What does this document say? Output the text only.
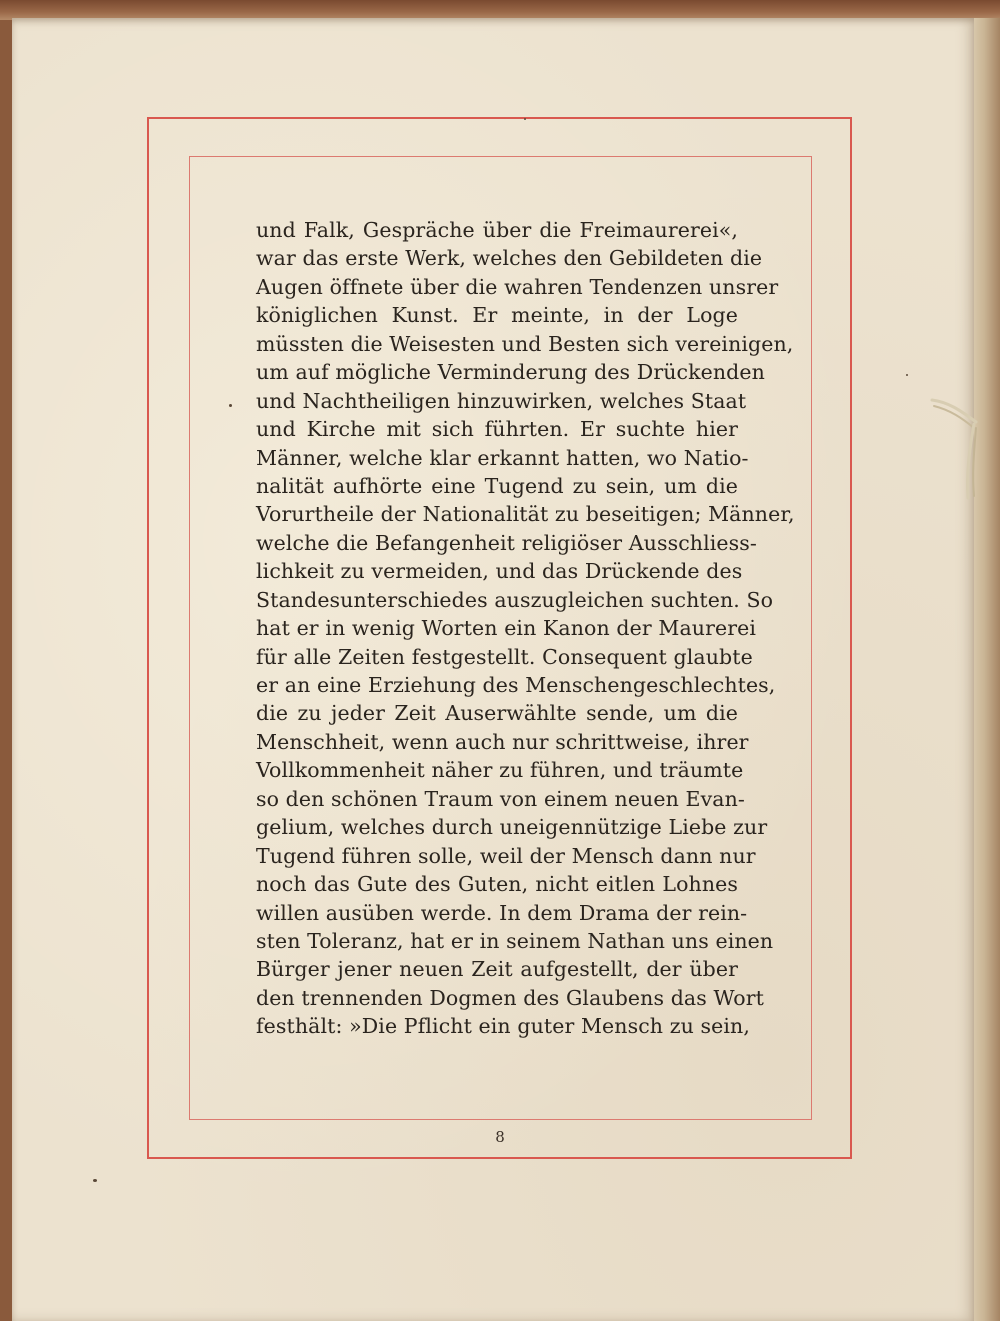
und Falk, Gespräche über die Freimaurerei«,
war das erste Werk, welches den Gebildeten die
Augen öffnete über die wahren Tendenzen unsrer
königlichen Kunst. Er meinte, in der Loge
müssten die Weisesten und Besten sich vereinigen,
um auf mögliche Verminderung des Drückenden
und Nachtheiligen hinzuwirken, welches Staat
und Kirche mit sich führten. Er suchte hier
Männer, welche klar erkannt hatten, wo Natio-
nalität aufhörte eine Tugend zu sein, um die
Vorurtheile der Nationalität zu beseitigen; Männer,
welche die Befangenheit religiöser Ausschliess-
lichkeit zu vermeiden, und das Drückende des
Standesunterschiedes auszugleichen suchten. So
hat er in wenig Worten ein Kanon der Maurerei
für alle Zeiten festgestellt. Consequent glaubte
er an eine Erziehung des Menschengeschlechtes,
die zu jeder Zeit Auserwählte sende, um die
Menschheit, wenn auch nur schrittweise, ihrer
Vollkommenheit näher zu führen, und träumte
so den schönen Traum von einem neuen Evan-
gelium, welches durch uneigennützige Liebe zur
Tugend führen solle, weil der Mensch dann nur
noch das Gute des Guten, nicht eitlen Lohnes
willen ausüben werde. In dem Drama der rein-
sten Toleranz, hat er in seinem Nathan uns einen
Bürger jener neuen Zeit aufgestellt, der über
den trennenden Dogmen des Glaubens das Wort
festhält: »Die Pflicht ein guter Mensch zu sein,
8
